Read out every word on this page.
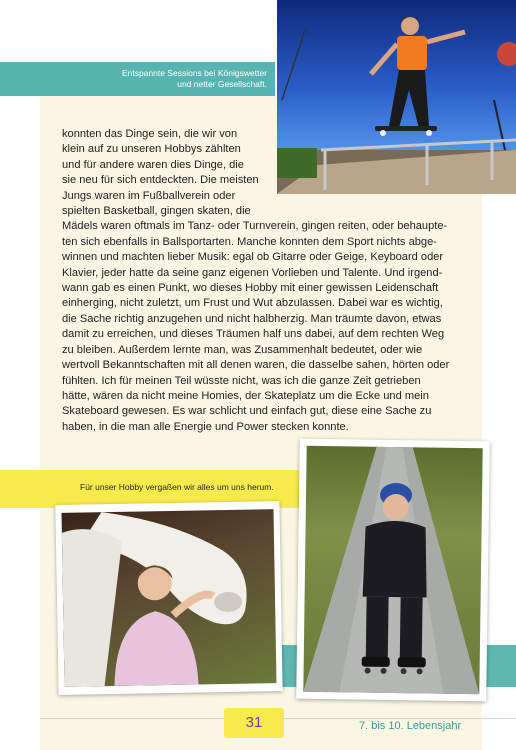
Entspannte Sessions bei Königswetter
und netter Gesellschaft.
konnten das Dinge sein, die wir von
klein auf zu unseren Hobbys zählten
und für andere waren dies Dinge, die
sie neu für sich entdeckten. Die meisten
Jungs waren im Fußballverein oder
spielten Basketball, gingen skaten, die
Mädels waren oftmals im Tanz- oder Turnverein, gingen reiten, oder behaupte-
ten sich ebenfalls in Ballsportarten. Manche konnten dem Sport nichts abge-
winnen und machten lieber Musik: egal ob Gitarre oder Geige, Keyboard oder
Klavier, jeder hatte da seine ganz eigenen Vorlieben und Talente. Und irgend-
wann gab es einen Punkt, wo dieses Hobby mit einer gewissen Leidenschaft
einherging, nicht zuletzt, um Frust und Wut abzulassen. Dabei war es wichtig,
die Sache richtig anzugehen und nicht halbherzig. Man träumte davon, etwas
damit zu erreichen, und dieses Träumen half uns dabei, auf dem rechten Weg
zu bleiben. Außerdem lernte man, was Zusammenhalt bedeutet, oder wie
wertvoll Bekanntschaften mit all denen waren, die dasselbe sahen, hörten oder
fühlten. Ich für meinen Teil wüsste nicht, was ich die ganze Zeit getrieben
hätte, wären da nicht meine Homies, der Skateplatz um die Ecke und mein
Skateboard gewesen. Es war schlicht und einfach gut, diese eine Sache zu
haben, in die man alle Energie und Power stecken konnte.
Für unser Hobby vergaßen wir alles um uns herum.
31	7. bis 10. Lebensjahr
